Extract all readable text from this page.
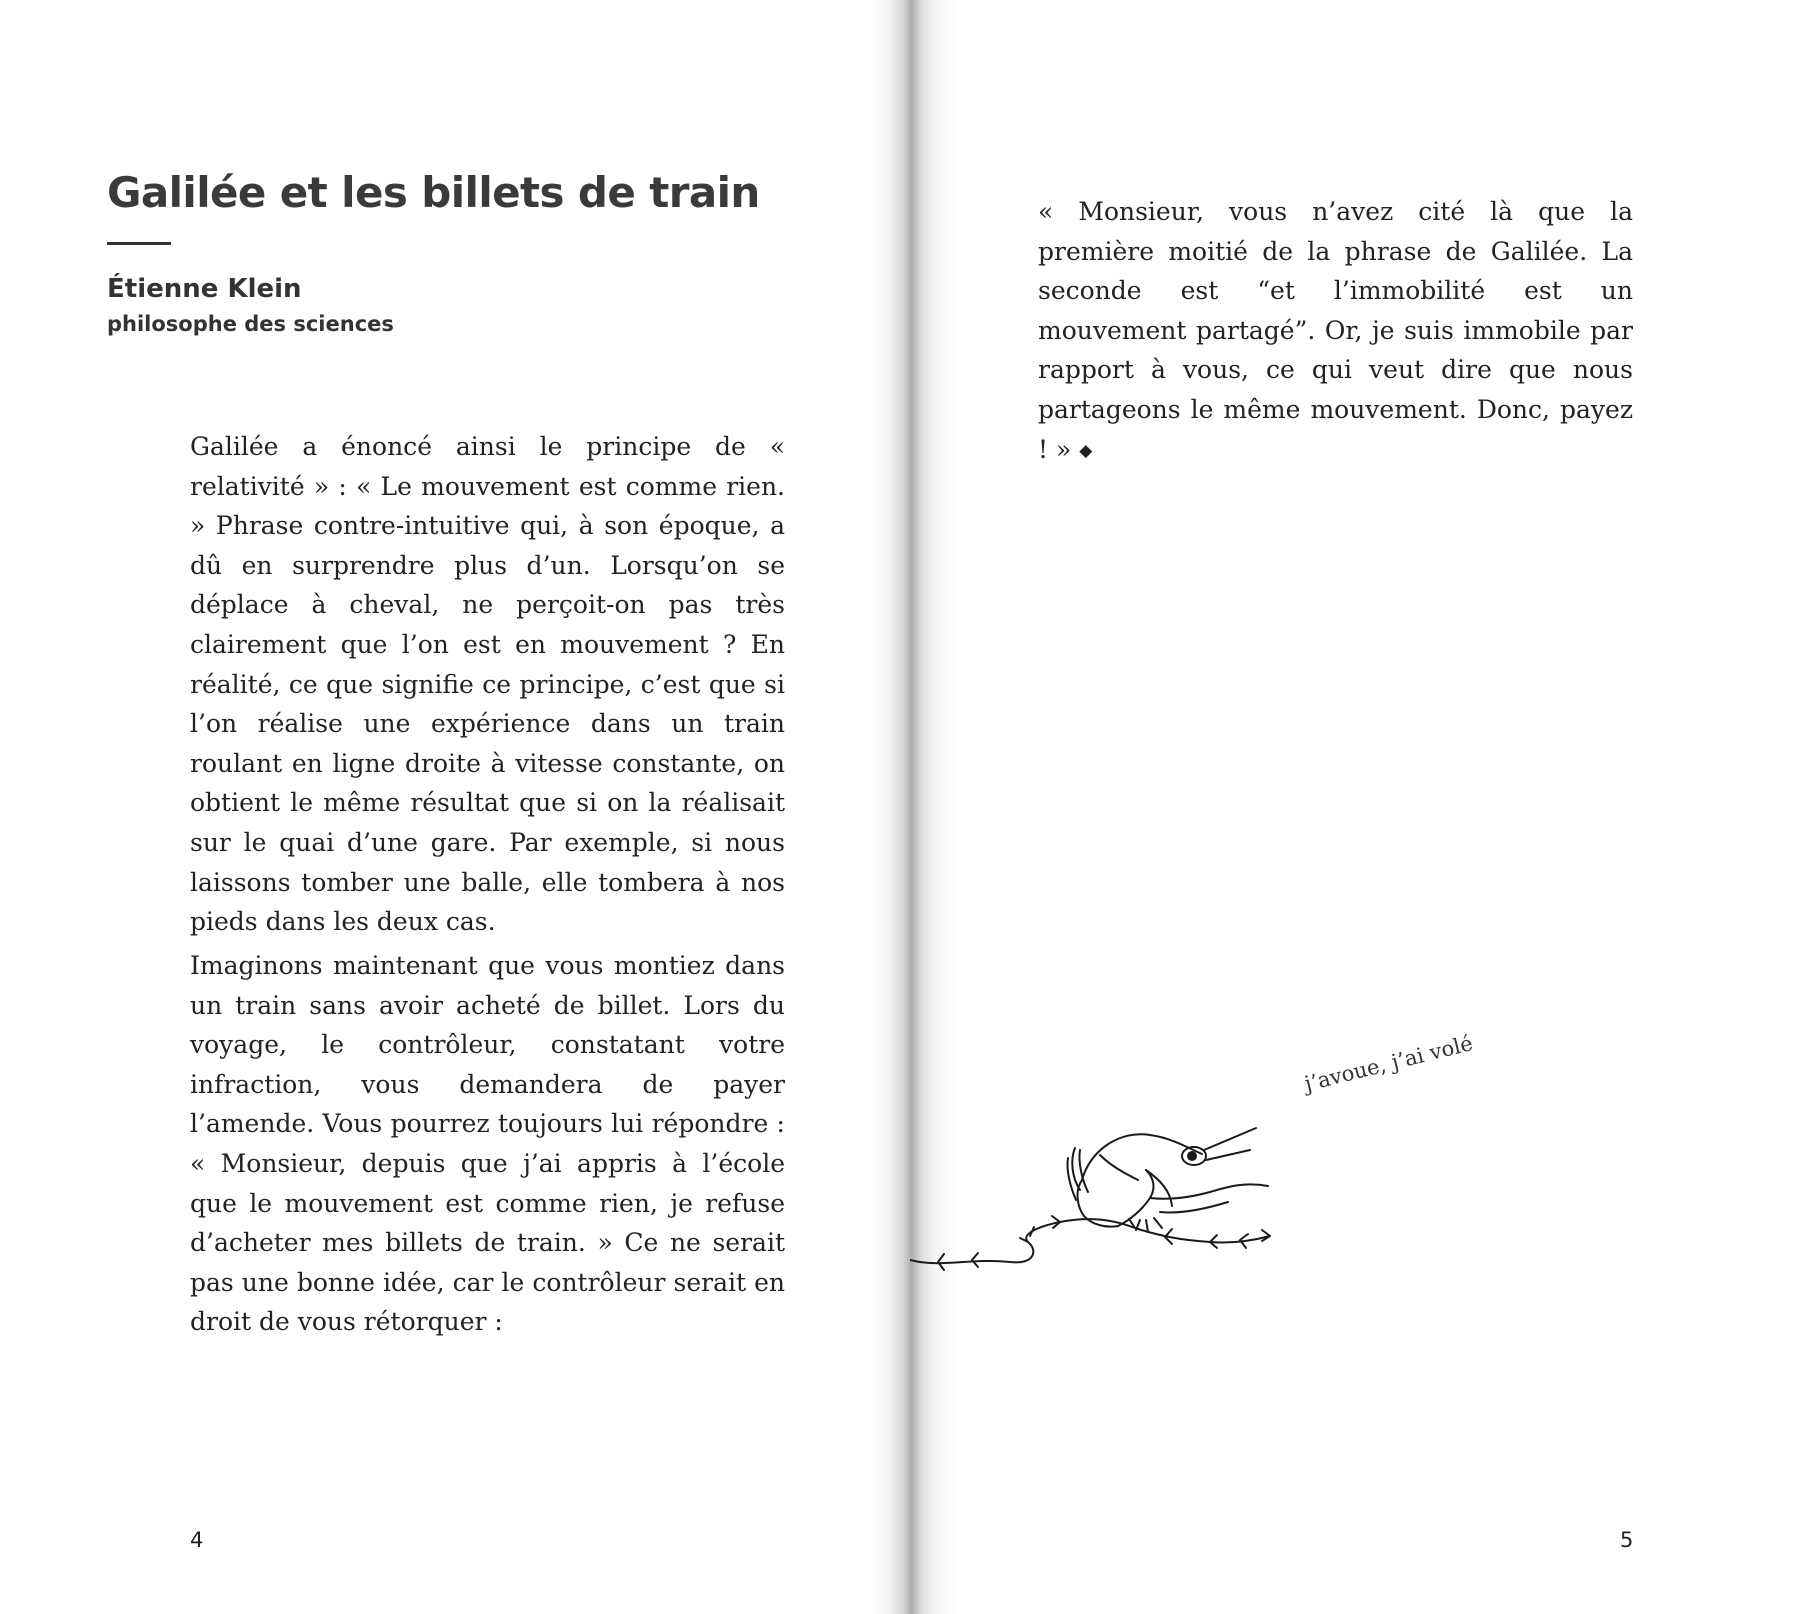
Galilée et les billets de train
Étienne Klein
philosophe des sciences

Galilée a énoncé ainsi le principe de « relativité » : « Le mouvement est comme rien. » Phrase contre-intuitive qui, à son époque, a dû en surprendre plus d’un. Lorsqu’on se déplace à cheval, ne perçoit-on pas très clairement que l’on est en mouvement ? En réalité, ce que signifie ce principe, c’est que si l’on réalise une expérience dans un train roulant en ligne droite à vitesse constante, on obtient le même résultat que si on la réalisait sur le quai d’une gare. Par exemple, si nous laissons tomber une balle, elle tombera à nos pieds dans les deux cas.

Imaginons maintenant que vous montiez dans un train sans avoir acheté de billet. Lors du voyage, le contrôleur, constatant votre infraction, vous demandera de payer l’amende. Vous pourrez toujours lui répondre : « Monsieur, depuis que j’ai appris à l’école que le mouvement est comme rien, je refuse d’acheter mes billets de train. » Ce ne serait pas une bonne idée, car le contrôleur serait en droit de vous rétorquer :

4

« Monsieur, vous n’avez cité là que la première moitié de la phrase de Galilée. La seconde est “et l’immobilité est un mouvement partagé”. Or, je suis immobile par rapport à vous, ce qui veut dire que nous partageons le même mouvement. Donc, payez ! » ◆

j’avoue, j’ai volé
5
